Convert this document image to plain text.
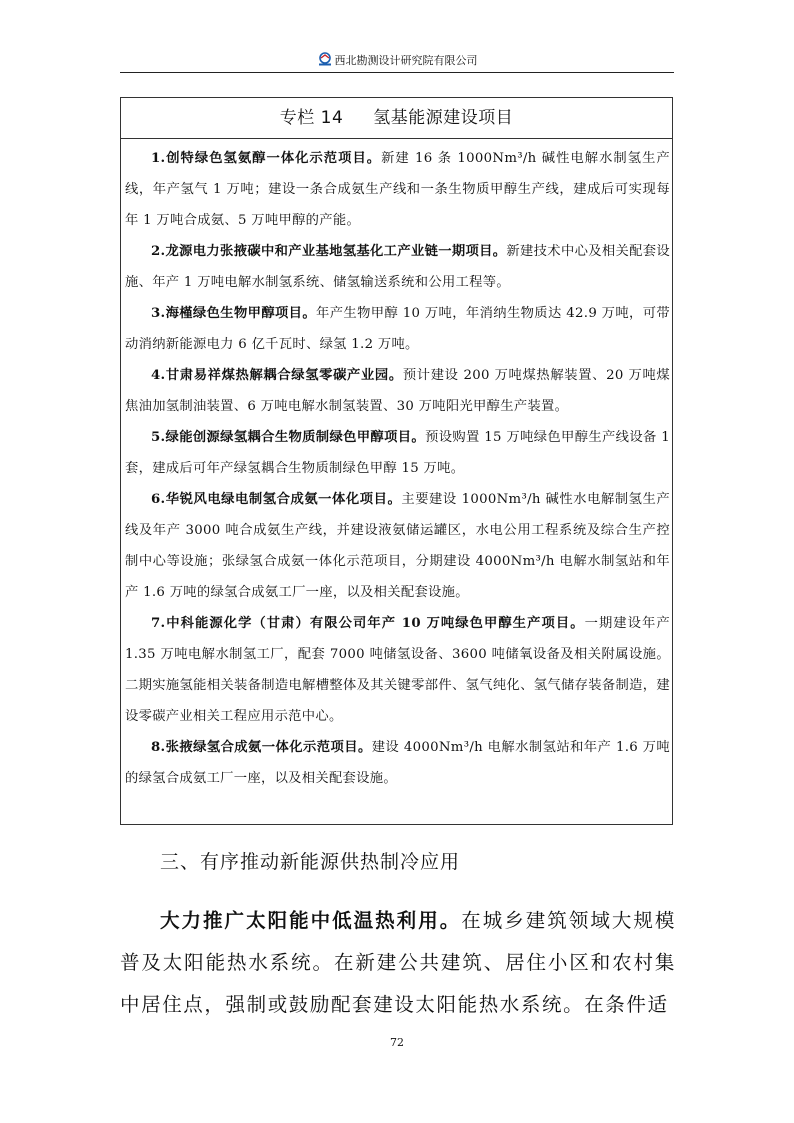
西北勘测设计研究院有限公司
专栏 14 氢基能源建设项目

1.创特绿色氢氨醇一体化示范项目。新建 16 条 1000Nm³/h 碱性电解水制氢生产线，年产氢气 1 万吨；建设一条合成氨生产线和一条生物质甲醇生产线，建成后可实现每年 1 万吨合成氨、5 万吨甲醇的产能。

2.龙源电力张掖碳中和产业基地氢基化工产业链一期项目。新建技术中心及相关配套设施、年产 1 万吨电解水制氢系统、储氢输送系统和公用工程等。

3.海槿绿色生物甲醇项目。年产生物甲醇 10 万吨，年消纳生物质达 42.9 万吨，可带动消纳新能源电力 6 亿千瓦时、绿氢 1.2 万吨。

4.甘肃易祥煤热解耦合绿氢零碳产业园。预计建设 200 万吨煤热解装置、20 万吨煤焦油加氢制油装置、6 万吨电解水制氢装置、30 万吨阳光甲醇生产装置。

5.绿能创源绿氢耦合生物质制绿色甲醇项目。预设购置 15 万吨绿色甲醇生产线设备 1 套，建成后可年产绿氢耦合生物质制绿色甲醇 15 万吨。

6.华锐风电绿电制氢合成氨一体化项目。主要建设 1000Nm³/h 碱性水电解制氢生产线及年产 3000 吨合成氨生产线，并建设液氨储运罐区，水电公用工程系统及综合生产控制中心等设施；张绿氢合成氨一体化示范项目，分期建设 4000Nm³/h 电解水制氢站和年产 1.6 万吨的绿氢合成氨工厂一座，以及相关配套设施。

7.中科能源化学（甘肃）有限公司年产 10 万吨绿色甲醇生产项目。一期建设年产 1.35 万吨电解水制氢工厂，配套 7000 吨储氢设备、3600 吨储氧设备及相关附属设施。二期实施氢能相关装备制造电解槽整体及其关键零部件、氢气纯化、氢气储存装备制造，建设零碳产业相关工程应用示范中心。

8.张掖绿氢合成氨一体化示范项目。建设 4000Nm³/h 电解水制氢站和年产 1.6 万吨的绿氢合成氨工厂一座，以及相关配套设施。

三、有序推动新能源供热制冷应用

大力推广太阳能中低温热利用。在城乡建筑领域大规模普及太阳能热水系统。在新建公共建筑、居住小区和农村集中居住点，强制或鼓励配套建设太阳能热水系统。在条件适

72
